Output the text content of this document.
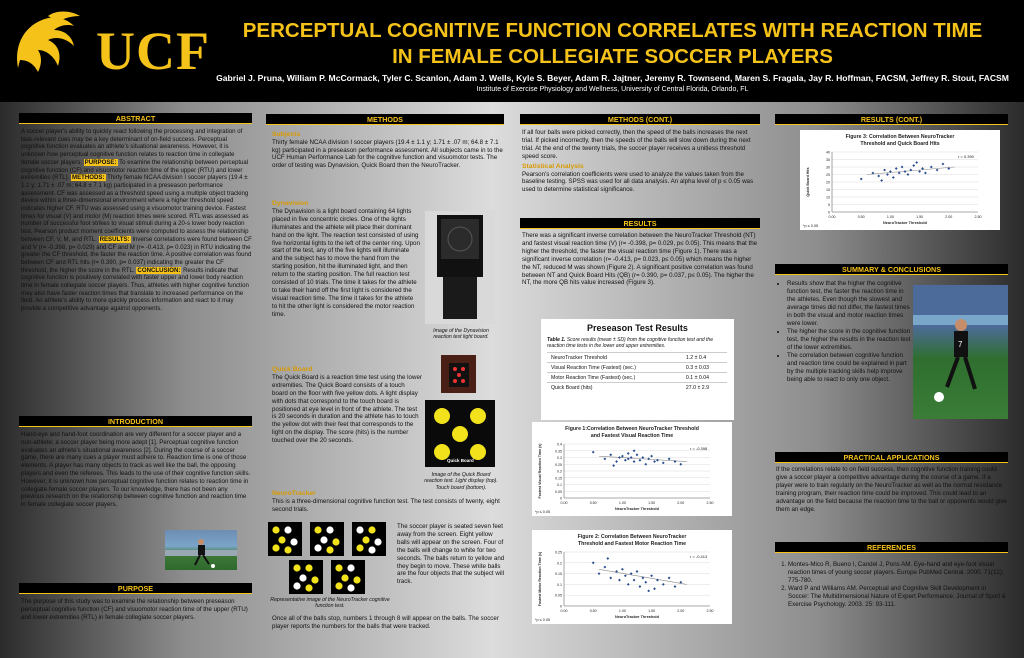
UCF	PERCEPTUAL COGNITIVE FUNCTION CORRELATES WITH REACTION TIME
IN FEMALE COLLEGIATE SOCCER PLAYERS
Gabriel J. Pruna, William P. McCormack, Tyler C. Scanlon, Adam J. Wells, Kyle S. Beyer, Adam R. Jajtner, Jeremy R. Townsend, Maren S. Fragala, Jay R. Hoffman, FACSM, Jeffrey R. Stout, FACSM
Institute of Exercise Physiology and Wellness, University of Central Florida, Orlando, FL
ABSTRACT
A soccer player’s ability to quickly react following the processing and integration of task-relevant cues may be a key determinant of on-field success. Perceptual cognitive function evaluates an athlete’s situational awareness. However, it is unknown how perceptual cognitive function relates to reaction time in collegiate female soccer players. PURPOSE: To examine the relationship between perceptual cognitive function (CF) and visuomotor reaction time of the upper (RTU) and lower extremities (RTL). METHODS: Thirty female NCAA division I soccer players (19.4 ± 1.1 y; 1.71 ± .07 m; 64.8 ± 7.1 kg) participated in a preseason performance assessment. CF was assessed as a threshold speed using a multiple object tracking device within a three-dimensional environment where a higher threshold speed indicates higher CF. RTU was assessed using a visuomotor training device. Fastest times for visual (V) and motor (M) reaction times were scored. RTL was assessed as number of successful foot strikes to visual stimuli during a 20-s lower body reaction test. Pearson product moment coefficients were computed to assess the relationship between CF, V, M, and RTL. RESULTS: Inverse correlations were found between CF and V (r= -0.398, p= 0.029) and CF and M (r= -0.413, p= 0.023) in RTU indicating the greater the CF threshold, the faster the reaction time. A positive correlation was found between CF and RTL hits (r= 0.390, p= 0.037) indicating the greater the CF threshold, the higher the score in the RTL. CONCLUSION: Results indicate that cognitive function is positively correlated with faster upper and lower body reaction time in female collegiate soccer players. Thus, athletes with higher cognitive function may also have faster reaction times that translate to increased performance on the field. An athlete’s ability to more quickly process information and react to it may provide a competitive advantage against opponents.
INTRODUCTION
Hand-eye and hand-foot coordination are very different for a soccer player and a non-athlete; a soccer player being more adept [1]. Perceptual cognitive function evaluates an athlete’s situational awareness [2]. During the course of a soccer game, there are many cues a player must adhere to. Reaction time is one of those elements. A player has many objects to track as well like the ball, the opposing players and even the referees. This leads to the use of their cognitive function skills. However, it is unknown how perceptual cognitive function relates to reaction time in collegiate female soccer players. To our knowledge, there has not been any previous research on the relationship between cognitive function and reaction time in female collegiate soccer players.
PURPOSE
The purpose of this study was to examine the relationship between preseason perceptual cognitive function (CF) and visuomotor reaction time of the upper (RTU) and lower extremities (RTL) in female collegiate soccer players.
METHODS
Subjects
Thirty female NCAA division I soccer players (19.4 ± 1.1 y; 1.71 ± .07 m; 64.8 ± 7.1 kg) participated in a preseason performance assessment. All subjects came in to the UCF Human Performance Lab for the cognitive function and visuomotor tests. The order of testing was Dynavision, Quick Board then the NeuroTracker.
Dynavision
The Dynavision is a light board containing 64 lights placed in five concentric circles. One of the lights illuminates and the athlete will place their dominant hand on the light. The reaction test consisted of using five horizontal lights to the left of the center ring. Upon start of the test, any of the five lights will illuminate and the subject has to move the hand from the starting position, hit the illuminated light, and then return to the starting position. The full reaction test consisted of 10 trials. The time it takes for the athlete to take their hand off the first light is considered the visual reaction time. The time it takes for the athlete to hit the other light is considered the motor reaction time.
Image of the Dynavision reaction test light board.
Quick Board
The Quick Board is a reaction time test using the lower extremities. The Quick Board consists of a touch board on the floor with five yellow dots. A light display with dots that correspond to the touch board is positioned at eye level in front of the athlete. The test is 20 seconds in duration and the athlete has to touch the yellow dot with their feet that corresponds to the light on the display. The score (hits) is the number touched over the 20 seconds.
Quick Board
Image of the Quick Board reaction test. Light display (top). Touch board (bottom).
NeuroTracker
This is a three-dimensional cognitive function test. The test consists of twenty, eight second trials.
Representative image of the NeuroTracker cognitive function test.
The soccer player is seated seven feet away from the screen. Eight yellow balls will appear on the screen. Four of the balls will change to white for two seconds. The balls return to yellow and they begin to move. These white balls are the four objects that the subject will track.
Once all of the balls stop, numbers 1 through 8 will appear on the balls. The soccer player reports the numbers for the balls that were tracked.
METHODS (CONT.)
If all four balls were picked correctly, then the speed of the balls increases the next trial. If picked incorrectly, then the speeds of the balls will slow down during the next trial. At the end of the twenty trials, the soccer player receives a unitless threshold speed score.
Statistical Analysis
Pearson’s correlation coefficients were used to analyze the values taken from the baseline testing. SPSS was used for all data analysis. An alpha level of p ≤ 0.05 was used to determine statistical significance.
RESULTS
There was a significant inverse correlation between the NeuroTracker Threshold (NT) and fastest visual reaction time (V) (r= -0.398, p= 0.029, p≤ 0.05). This means that the higher the threshold, the faster the visual reaction time (Figure 1). There was a significant inverse correlation (r= -0.413, p= 0.023, p≤ 0.05) which means the higher the NT, reduced M was shown (Figure 2). A significant positive correlation was found between NT and Quick Board Hits (QB) (r= 0.390, p= 0.037, p≤ 0.05). The higher the NT, the more QB hits value increased (Figure 3).
Preseason Test Results
Table 1. Score results (mean ± SD) from the cognitive function test and the reaction time tests in the lower and upper extremities.
NeuroTracker Threshold	1.2 ± 0.4
Visual Reaction Time (Fastest) (sec.)	0.3 ± 0.03
Motor Reaction Time (Fastest) (sec.)	0.1 ± 0.04
Quick Board (hits)	27.0 ± 2.9
Figure 1:Correlation Between NeuroTracker Threshold
and Fastest Visual Reaction Time
0
0.05
0.1
0.15
0.2
0.25
0.3
0.35
0.4
0.00	0.50	1.00	1.50	2.00	2.50
NeuroTracker Threshold
Fastest Visual Reaction Time (s)	r = -0.398
*p ≤ 0.05
Figure 2: Correlation Between NeuroTracker
Threshold and Fastest Motor Reaction Time
0
0.05
0.1
0.15
0.2
0.25
0.00	0.50	1.00	1.50	2.00	2.50
NeuroTracker Threshold
Fastest Motor Reaction Time (s)	r = -0.413
*p ≤ 0.05
RESULTS (CONT.)
Figure 3: Correlation Between NeuroTracker
Threshold and Quick Board Hits
0
5
10
15
20
25
30
35
40
0.00	0.50	1.00	1.50	2.00	2.50
NeuroTracker Threshold
Quick Board Hits
r = 0.390
*p ≤ 0.05
SUMMARY & CONCLUSIONS
• Results show that the higher the cognitive function test, the faster the reaction time in the athletes. Even though the slowest and average times did not differ, the fastest times in both the visual and motor reaction times were lower.
• The higher the score in the cognitive function test, the higher the results in the reaction test of the lower extremities.
• The correlation between cognitive function and reaction time could be explained in part by the multiple tracking skills help improve being able to react to only one object.
7
PRACTICAL APPLICATIONS
If the correlations relate to on field success, then cognitive function training could give a soccer player a competitive advantage during the course of a game. If a player were to train regularly on the NeuroTracker as well as the normal resistance training program, their reaction time could be improved. This could lead to an advantage on the field because the reaction time to the ball or opponents would give them an edge.
REFERENCES
1. Montes-Mico R, Bueno I, Candel J, Pons AM. Eye-hand and eye-foot visual reaction times of young soccer players. Europe PubMed Central. 2000. 71(12): 775-780.
2. Ward P and Williams AM. Perceptual and Cognitive Skill Development in Soccer: The Multidimensional Nature of Expert Performance. Journal of Sport & Exercise Psychology. 2003. 25: 93-111.
